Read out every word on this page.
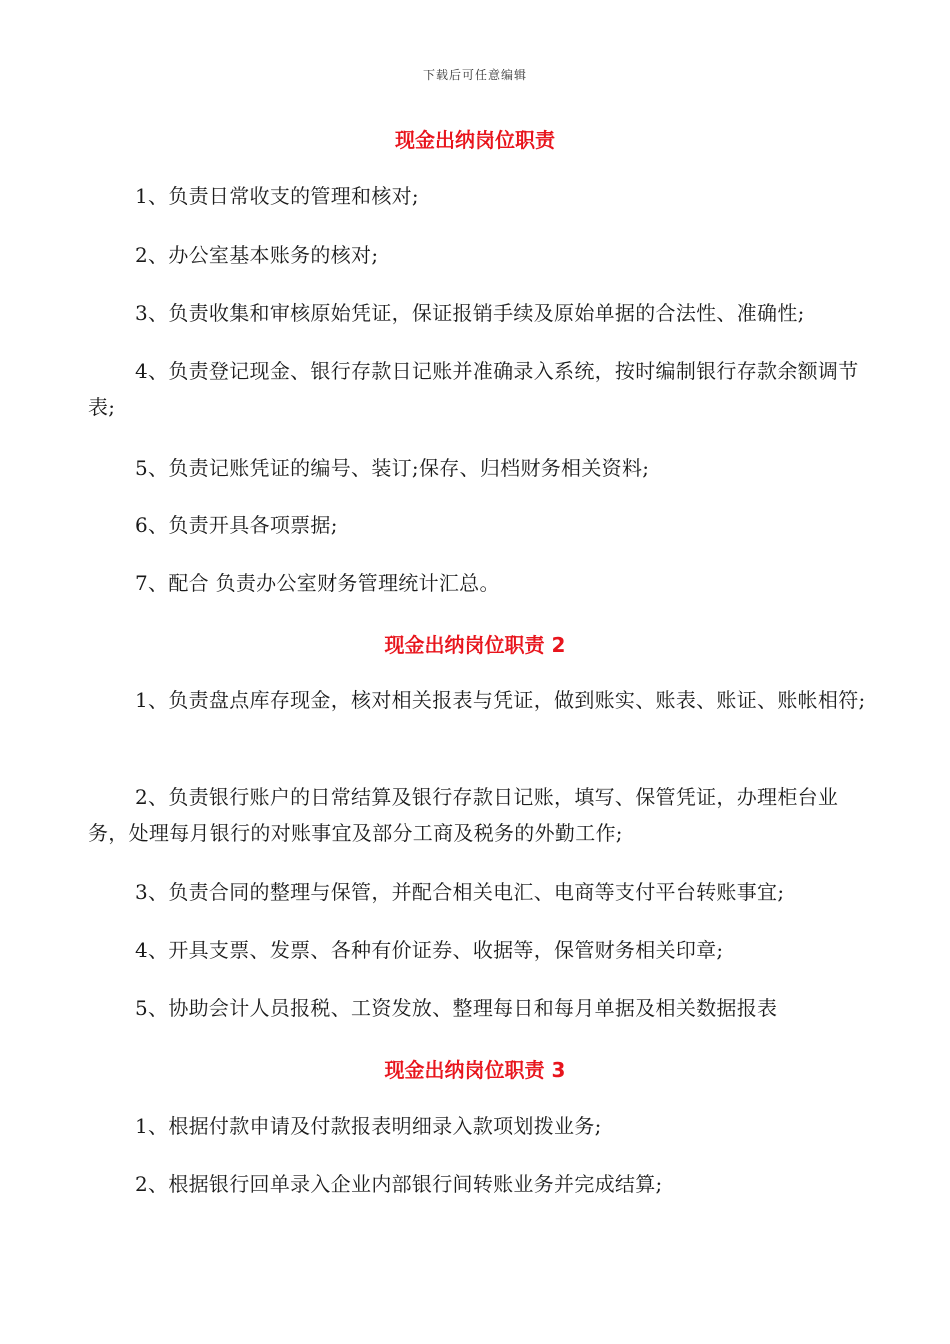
下载后可任意编辑
现金出纳岗位职责
1、负责日常收支的管理和核对;
2、办公室基本账务的核对;
3、负责收集和审核原始凭证，保证报销手续及原始单据的合法性、准确性;
4、负责登记现金、银行存款日记账并准确录入系统，按时编制银行存款余额调节表;
5、负责记账凭证的编号、装订;保存、归档财务相关资料;
6、负责开具各项票据;
7、配合 负责办公室财务管理统计汇总。
现金出纳岗位职责 2
1、负责盘点库存现金，核对相关报表与凭证，做到账实、账表、账证、账帐相符;
2、负责银行账户的日常结算及银行存款日记账，填写、保管凭证，办理柜台业务，处理每月银行的对账事宜及部分工商及税务的外勤工作;
3、负责合同的整理与保管，并配合相关电汇、电商等支付平台转账事宜;
4、开具支票、发票、各种有价证券、收据等，保管财务相关印章;
5、协助会计人员报税、工资发放、整理每日和每月单据及相关数据报表
现金出纳岗位职责 3
1、根据付款申请及付款报表明细录入款项划拨业务;
2、根据银行回单录入企业内部银行间转账业务并完成结算;
